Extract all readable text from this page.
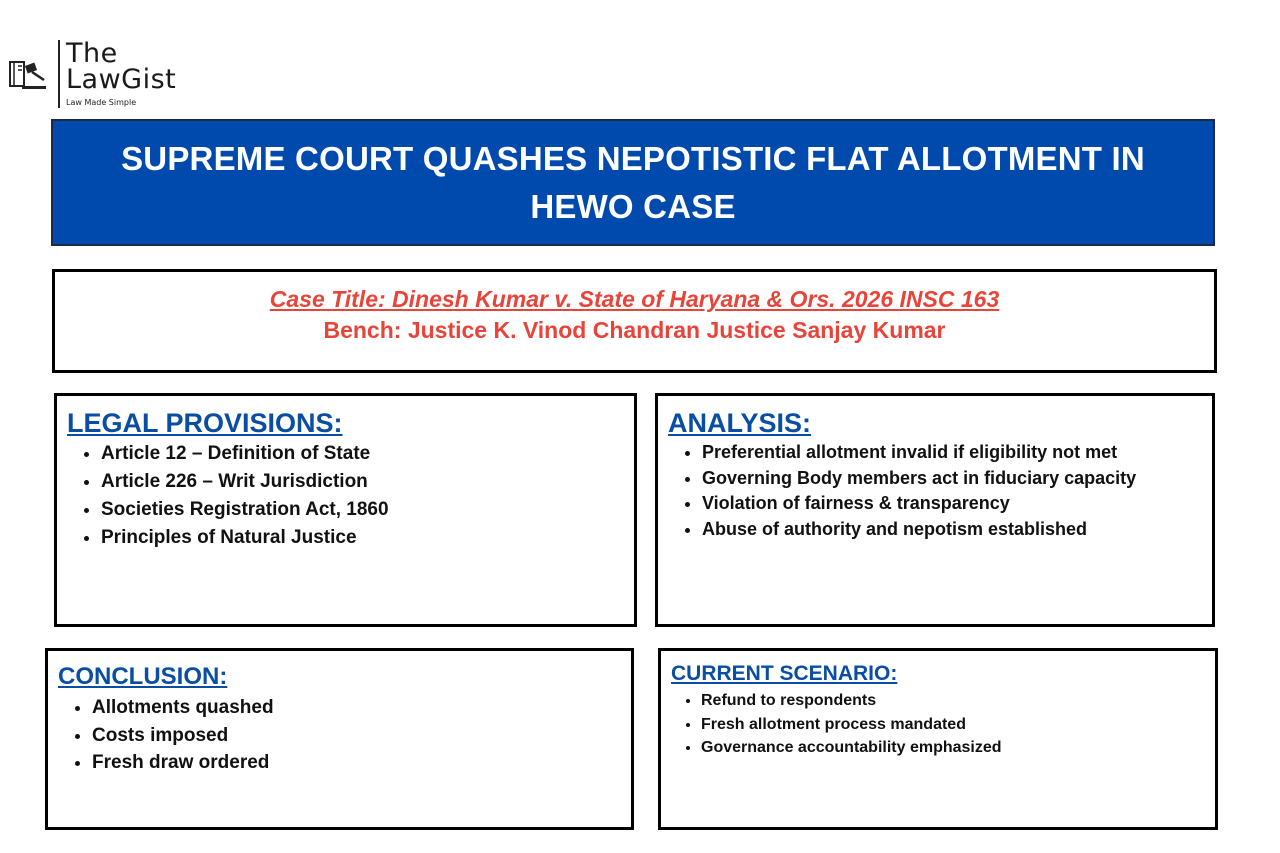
The
LawGist
Law Made Simple
SUPREME COURT QUASHES NEPOTISTIC FLAT ALLOTMENT IN HEWO CASE
Case Title: Dinesh Kumar v. State of Haryana & Ors. 2026 INSC 163
Bench: Justice K. Vinod Chandran Justice Sanjay Kumar
LEGAL PROVISIONS:
• Article 12 – Definition of State
• Article 226 – Writ Jurisdiction
• Societies Registration Act, 1860
• Principles of Natural Justice
ANALYSIS:
• Preferential allotment invalid if eligibility not met
• Governing Body members act in fiduciary capacity
• Violation of fairness & transparency
• Abuse of authority and nepotism established
CONCLUSION:
• Allotments quashed
• Costs imposed
• Fresh draw ordered
CURRENT SCENARIO:
• Refund to respondents
• Fresh allotment process mandated
• Governance accountability emphasized
